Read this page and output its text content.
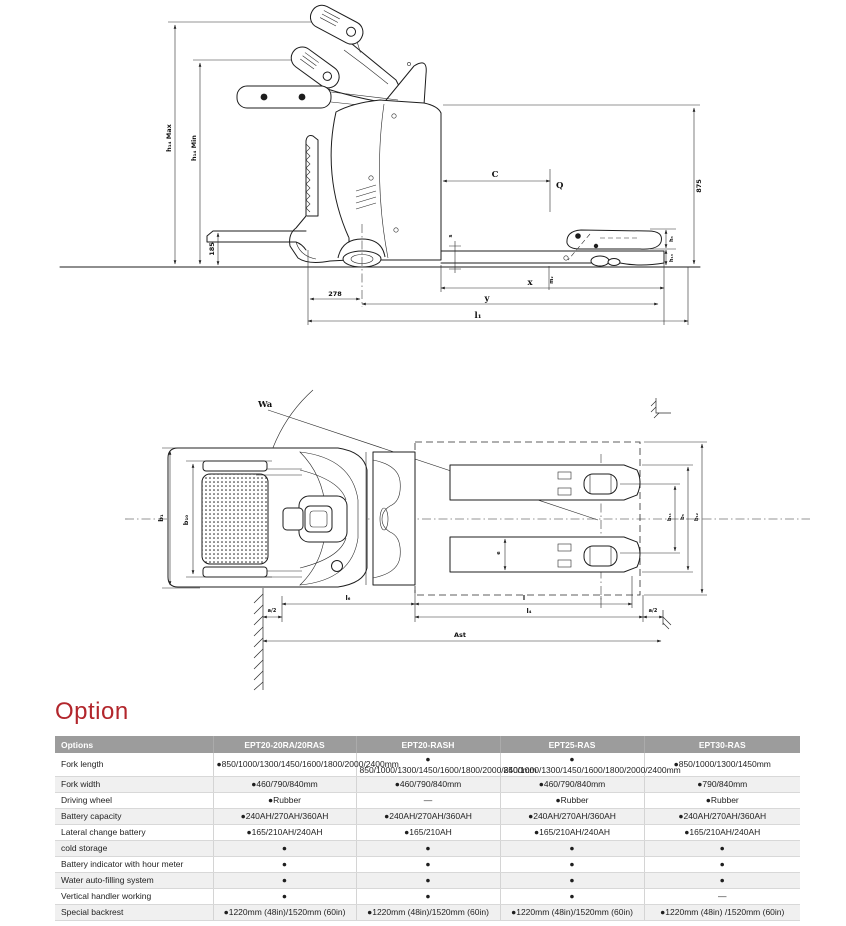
h₁₄ Max	h₁₄ Min
185
h₃
h₁₃
875
C
Q
s
m₂
278
x
y
l₁
Wa
e
b₁	b₁₀	b₁₁ b₅ b₁₂
a/2
l₆	l
l₄	a/2
Ast
Option
Options	EPT20-20RA/20RAS	EPT20-RASH	EPT25-RAS	EPT30-RAS
Fork length	●850/1000/1300/1450/1600/1800/2000/2400mm	● 850/1000/1300/1450/1600/1800/2000/2400mm	● 850/1000/1300/1450/1600/1800/2000/2400mm	●850/1000/1300/1450mm
Fork width	●460/790/840mm	●460/790/840mm	●460/790/840mm	●790/840mm
Driving wheel	●Rubber	—	●Rubber	●Rubber
Battery capacity	●240AH/270AH/360AH	●240AH/270AH/360AH	●240AH/270AH/360AH	●240AH/270AH/360AH
Lateral change battery	●165/210AH/240AH	●165/210AH	●165/210AH/240AH	●165/210AH/240AH
cold storage	●	●	●	●
Battery indicator with hour meter	●	●	●	●
Water auto-filling system	●	●	●	●
Vertical handler working	●	●	●	—
Special backrest	●1220mm (48in)/1520mm (60in)	●1220mm (48in)/1520mm (60in)	●1220mm (48in)/1520mm (60in)	●1220mm (48in) /1520mm (60in)
